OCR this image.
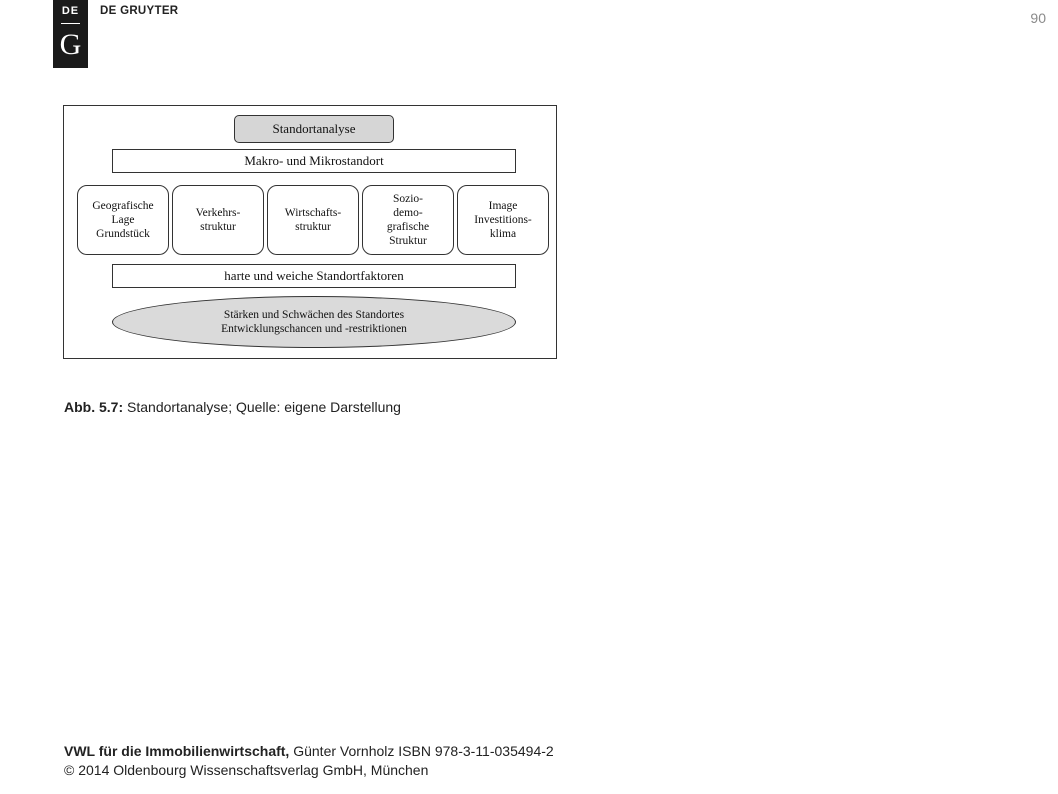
DE
G
DE GRUYTER	90
Standortanalyse
Makro- und Mikrostandort
Geografische
Lage
Grundstück
Verkehrs-
struktur
Wirtschafts-
struktur
Sozio-
demo-
grafische
Struktur
Image
Investitions-
klima
harte und weiche Standortfaktoren
Stärken und Schwächen des Standortes
Entwicklungschancen und -restriktionen
Abb. 5.7: Standortanalyse; Quelle: eigene Darstellung
VWL für die Immobilienwirtschaft, Günter Vornholz ISBN 978-3-11-035494-2
© 2014 Oldenbourg Wissenschaftsverlag GmbH, München
